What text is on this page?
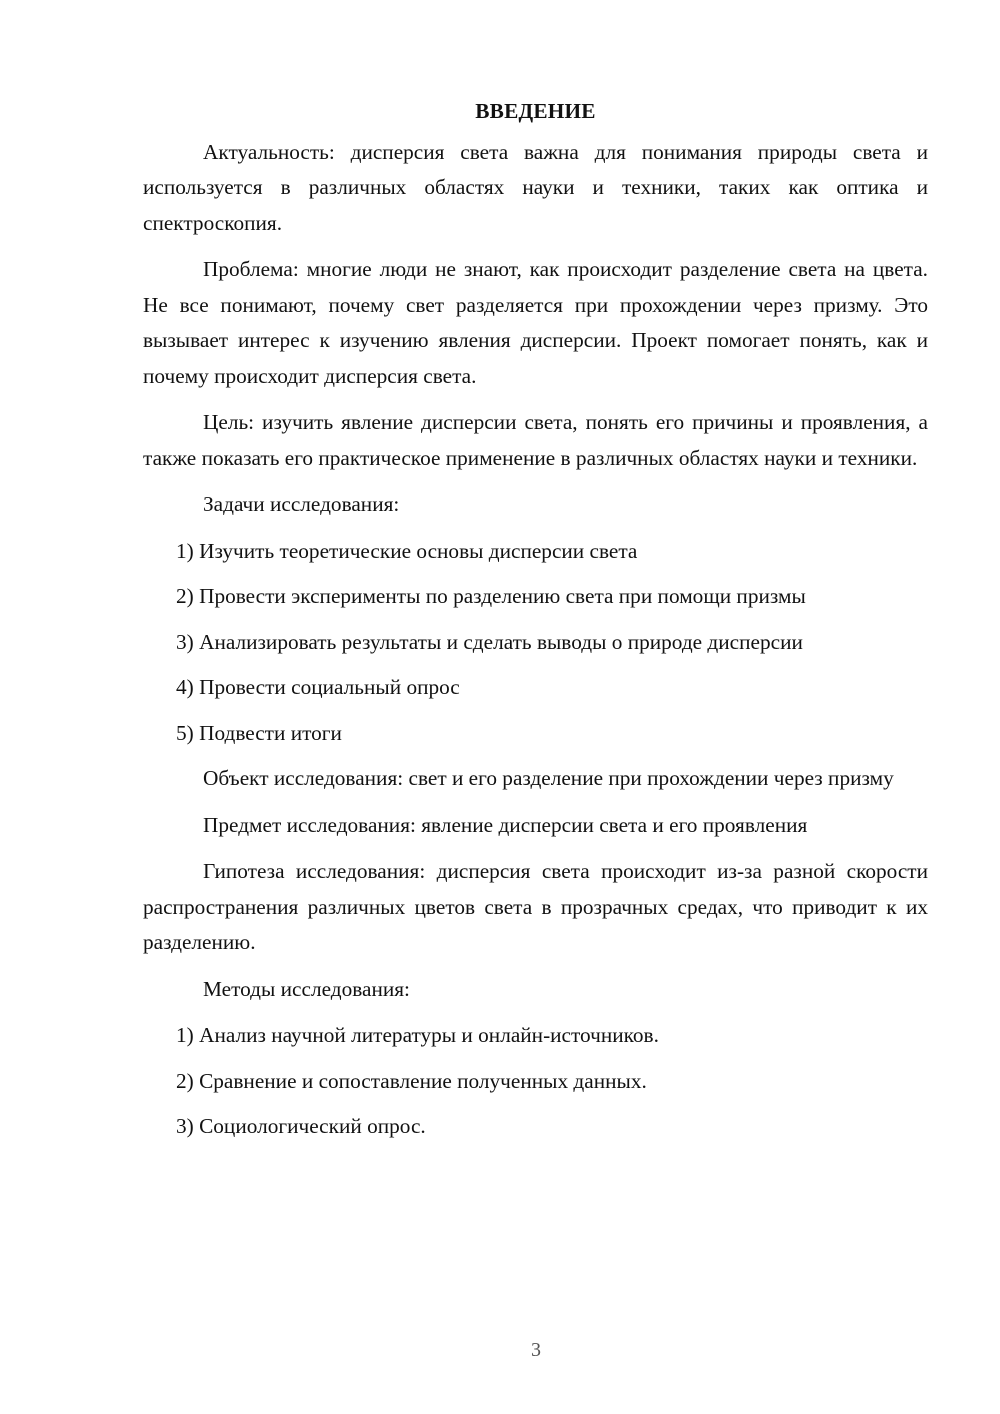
ВВЕДЕНИЕ

Актуальность: дисперсия света важна для понимания природы света и используется в различных областях науки и техники, таких как оптика и спектроскопия.

Проблема: многие люди не знают, как происходит разделение света на цвета. Не все понимают, почему свет разделяется при прохождении через призму. Это вызывает интерес к изучению явления дисперсии. Проект помогает понять, как и почему происходит дисперсия света.

Цель: изучить явление дисперсии света, понять его причины и проявления, а также показать его практическое применение в различных областях науки и техники.

Задачи исследования:

1) Изучить теоретические основы дисперсии света
2) Провести эксперименты по разделению света при помощи призмы
3) Анализировать результаты и сделать выводы о природе дисперсии
4) Провести социальный опрос
5) Подвести итоги

Объект исследования: свет и его разделение при прохождении через призму

Предмет исследования: явление дисперсии света и его проявления

Гипотеза исследования: дисперсия света происходит из-за разной скорости распространения различных цветов света в прозрачных средах, что приводит к их разделению.

Методы исследования:

1) Анализ научной литературы и онлайн-источников.
2) Сравнение и сопоставление полученных данных.
3) Социологический опрос.
3
